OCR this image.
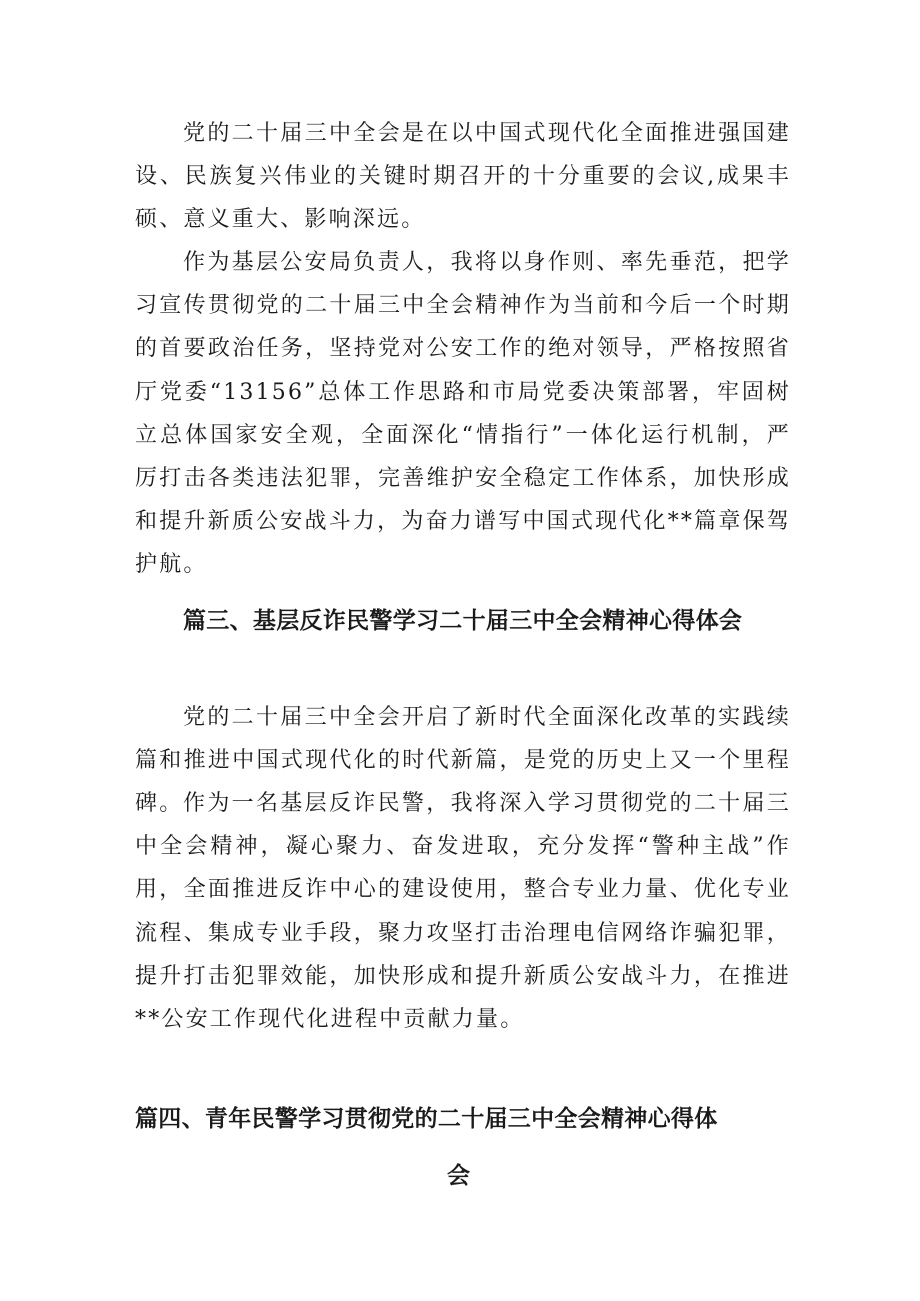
党的二十届三中全会是在以中国式现代化全面推进强国建设、民族复兴伟业的关键时期召开的十分重要的会议,成果丰硕、意义重大、影响深远。

作为基层公安局负责人，我将以身作则、率先垂范，把学习宣传贯彻党的二十届三中全会精神作为当前和今后一个时期的首要政治任务，坚持党对公安工作的绝对领导，严格按照省厅党委“13156”总体工作思路和市局党委决策部署，牢固树立总体国家安全观，全面深化“情指行”一体化运行机制，严厉打击各类违法犯罪，完善维护安全稳定工作体系，加快形成和提升新质公安战斗力，为奋力谱写中国式现代化**篇章保驾护航。

篇三、基层反诈民警学习二十届三中全会精神心得体会

党的二十届三中全会开启了新时代全面深化改革的实践续篇和推进中国式现代化的时代新篇，是党的历史上又一个里程碑。 作为一名基层反诈民警，我将深入学习贯彻党的二十届三中全会精神，凝心聚力、奋发进取，充分发挥“警种主战”作用，全面推进反诈中心的建设使用，整合专业力量、优化专业流程、集成专业手段，聚力攻坚打击治理电信网络诈骗犯罪，提升打击犯罪效能，加快形成和提升新质公安战斗力，在推进**公安工作现代化进程中贡献力量。

篇四、青年民警学习贯彻党的二十届三中全会精神心得体
会
